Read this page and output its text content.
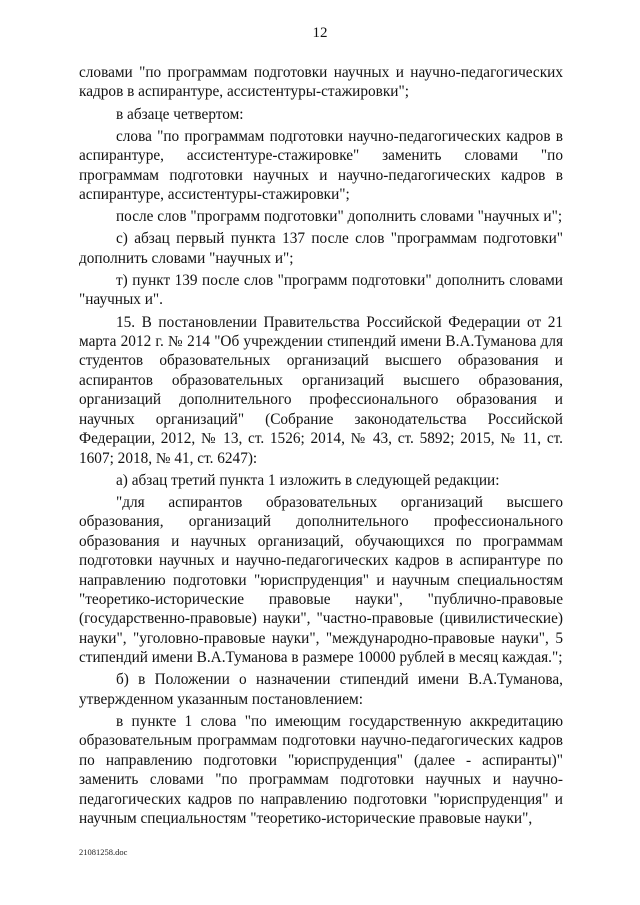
12

словами "по программам подготовки научных и научно-педагогических кадров в аспирантуре, ассистентуры-стажировки";

в абзаце четвертом:

слова "по программам подготовки научно-педагогических кадров в аспирантуре, ассистентуре-стажировке" заменить словами "по программам подготовки научных и научно-педагогических кадров в аспирантуре, ассистентуры-стажировки";

после слов "программ подготовки" дополнить словами "научных и";

с) абзац первый пункта 137 после слов "программам подготовки" дополнить словами "научных и";

т) пункт 139 после слов "программ подготовки" дополнить словами "научных и".

15. В постановлении Правительства Российской Федерации от 21 марта 2012 г. № 214 "Об учреждении стипендий имени В.А.Туманова для студентов образовательных организаций высшего образования и аспирантов образовательных организаций высшего образования, организаций дополнительного профессионального образования и научных организаций" (Собрание законодательства Российской Федерации, 2012, № 13, ст. 1526; 2014, № 43, ст. 5892; 2015, № 11, ст. 1607; 2018, № 41, ст. 6247):

а) абзац третий пункта 1 изложить в следующей редакции:

"для аспирантов образовательных организаций высшего образования, организаций дополнительного профессионального образования и научных организаций, обучающихся по программам подготовки научных и научно-педагогических кадров в аспирантуре по направлению подготовки "юриспруденция" и научным специальностям "теоретико-исторические правовые науки", "публично-правовые (государственно-правовые) науки", "частно-правовые (цивилистические) науки", "уголовно-правовые науки", "международно-правовые науки", 5 стипендий имени В.А.Туманова в размере 10000 рублей в месяц каждая.";

б) в Положении о назначении стипендий имени В.А.Туманова, утвержденном указанным постановлением:

в пункте 1 слова "по имеющим государственную аккредитацию образовательным программам подготовки научно-педагогических кадров по направлению подготовки "юриспруденция" (далее - аспиранты)" заменить словами "по программам подготовки научных и научно-педагогических кадров по направлению подготовки "юриспруденция" и научным специальностям "теоретико-исторические правовые науки",

21081258.doc
